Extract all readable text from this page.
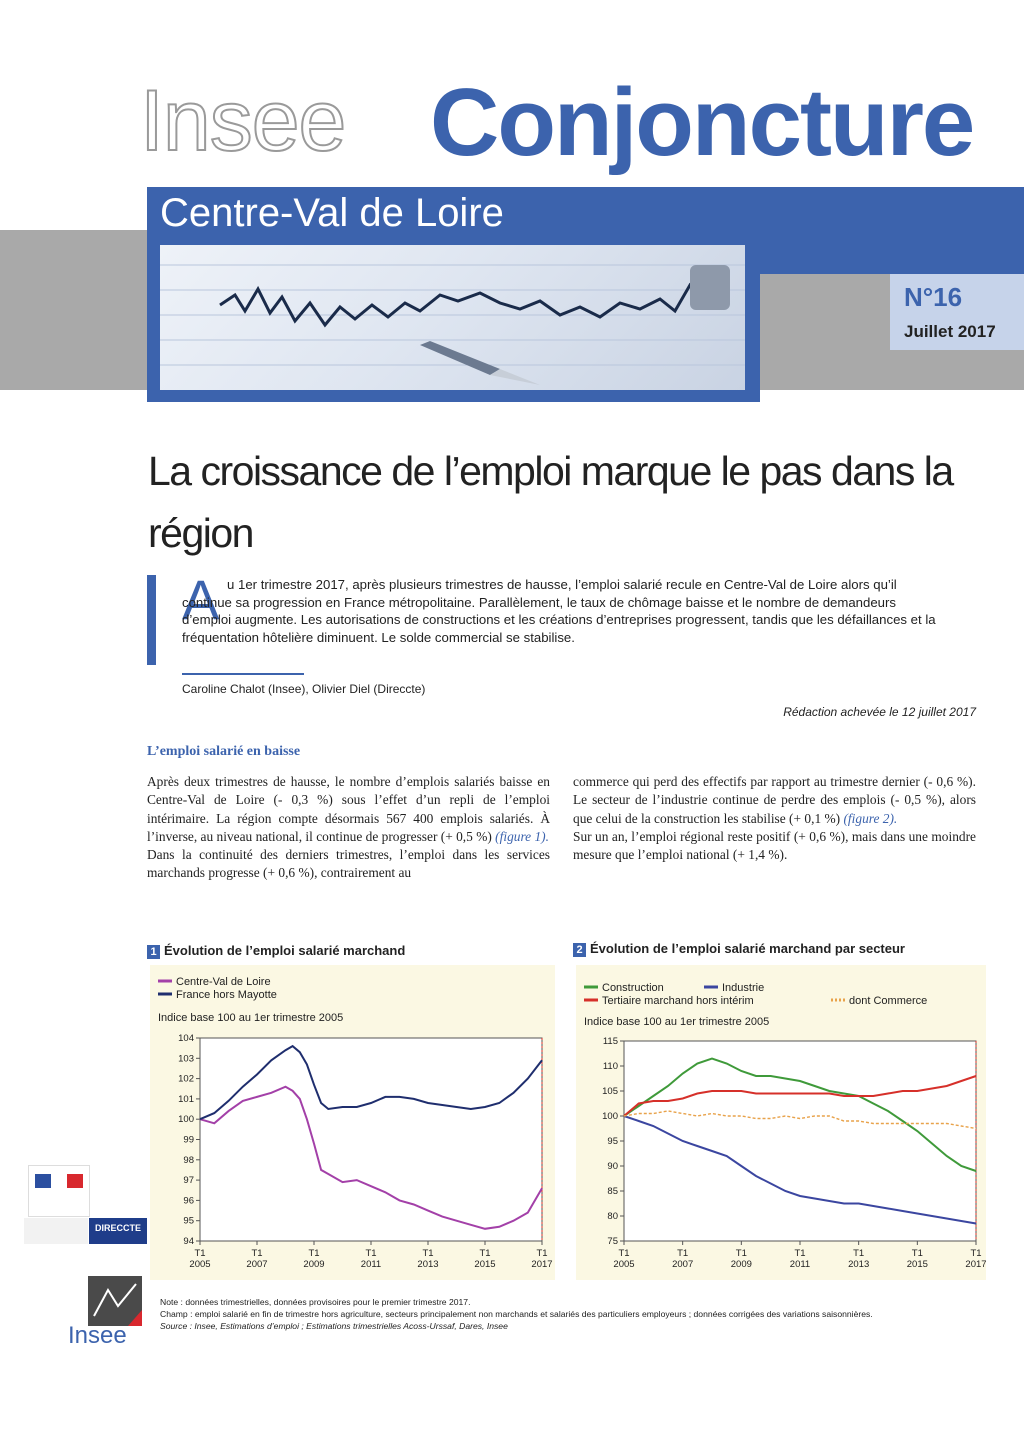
Insee Conjoncture
Centre-Val de Loire
N°16
Juillet 2017
La croissance de l’emploi marque le pas dans la région
A u 1er trimestre 2017, après plusieurs trimestres de hausse, l’emploi salarié recule en Centre-Val de Loire alors qu’il continue sa progression en France métropolitaine. Parallèlement, le taux de chômage baisse et le nombre de demandeurs d’emploi augmente. Les autorisations de constructions et les créations d’entreprises progressent, tandis que les défaillances et la fréquentation hôtelière diminuent. Le solde commercial se stabilise.
Caroline Chalot (Insee), Olivier Diel (Direccte)
Rédaction achevée le 12 juillet 2017
L’emploi salarié en baisse

Après deux trimestres de hausse, le nombre d’emplois salariés baisse en Centre-Val de Loire (- 0,3 %) sous l’effet d’un repli de l’emploi intérimaire. La région compte désormais 567 400 emplois salariés. À l’inverse, au niveau national, il continue de progresser (+ 0,5 %) (figure 1).

Dans la continuité des derniers trimestres, l’emploi dans les services marchands progresse (+ 0,6 %), contrairement au

commerce qui perd des effectifs par rapport au trimestre dernier (- 0,6 %). Le secteur de l’industrie continue de perdre des emplois (- 0,5 %), alors que celui de la construction les stabilise (+ 0,1 %) (figure 2).

Sur un an, l’emploi régional reste positif (+ 0,6 %), mais dans une moindre mesure que l’emploi national (+ 1,4 %).

1 Évolution de l’emploi salarié marchand
Centre-Val de Loire
France hors Mayotte
Indice base 100 au 1er trimestre 2005
94
95
96
97
98
99
100
101
102
103
104
T1
2005
T1
2007
T1
2009
T1
2011
T1
2013
T1
2015
T1
2017
2 Évolution de l’emploi salarié marchand par secteur
Construction	Industrie
Tertiaire marchand hors intérim	dont Commerce
Indice base 100 au 1er trimestre 2005
75
80
85
90
95
100
105
110
115
T1
2005
T1
2007
T1
2009
T1
2011
T1
2013
T1
2015
T1
2017
DIRECCTE
Insee
Note : données trimestrielles, données provisoires pour le premier trimestre 2017.
Champ : emploi salarié en fin de trimestre hors agriculture, secteurs principalement non marchands et salariés des particuliers employeurs ; données corrigées des variations saisonnières.
Source : Insee, Estimations d’emploi ; Estimations trimestrielles Acoss-Urssaf, Dares, Insee
